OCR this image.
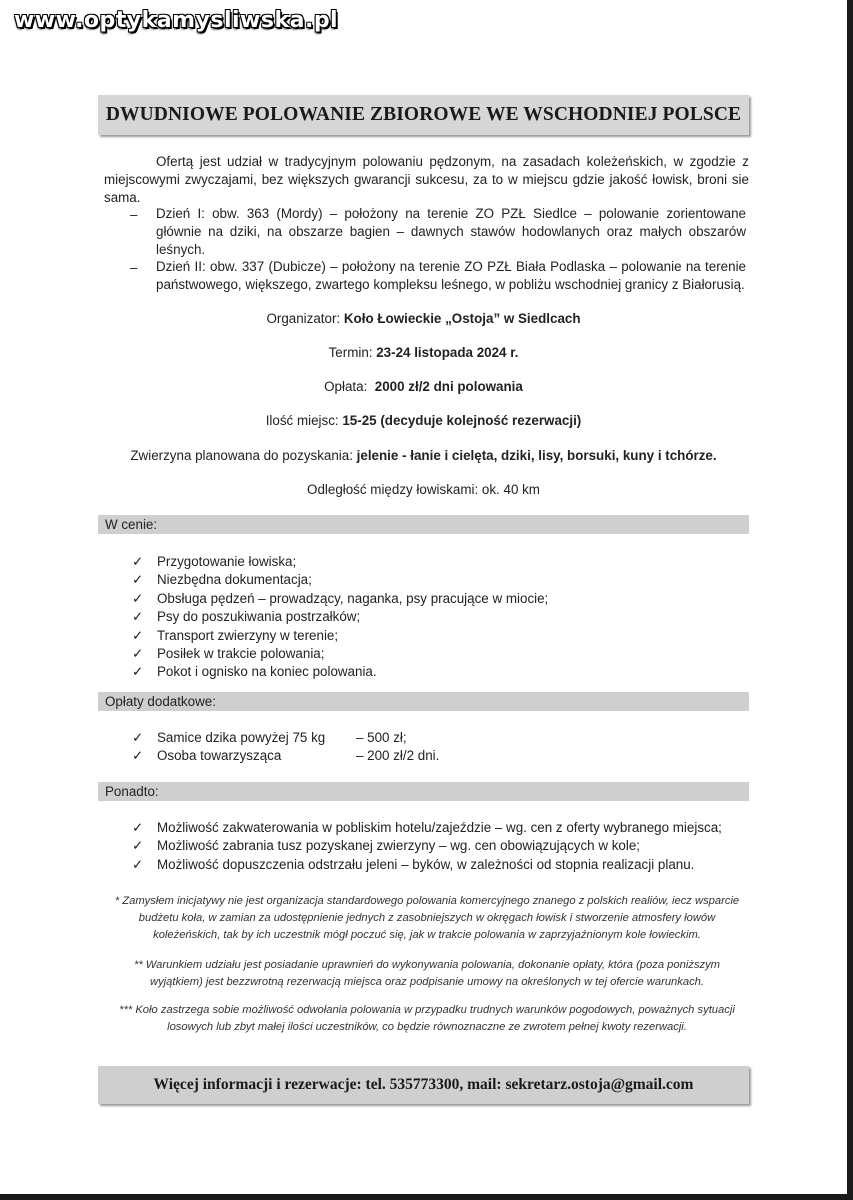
www.optykamysliwska.pl
DWUDNIOWE POLOWANIE ZBIOROWE WE WSCHODNIEJ POLSCE
Ofertą jest udział w tradycyjnym polowaniu pędzonym, na zasadach koleżeńskich, w zgodzie z miejscowymi zwyczajami, bez większych gwarancji sukcesu, za to w miejscu gdzie jakość łowisk, broni sie sama.
– Dzień I: obw. 363 (Mordy) – położony na terenie ZO PZŁ Siedlce – polowanie zorientowane głównie na dziki, na obszarze bagien – dawnych stawów hodowlanych oraz małych obszarów leśnych.
– Dzień II: obw. 337 (Dubicze) – położony na terenie ZO PZŁ Biała Podlaska – polowanie na terenie państwowego, większego, zwartego kompleksu leśnego, w pobliżu wschodniej granicy z Białorusią.
Organizator: Koło Łowieckie „Ostoja” w Siedlcach
Termin: 23-24 listopada 2024 r.
Opłata: 2000 zł/2 dni polowania
Ilość miejsc: 15-25 (decyduje kolejność rezerwacji)
Zwierzyna planowana do pozyskania: jelenie - łanie i cielęta, dziki, lisy, borsuki, kuny i tchórze.
Odległość między łowiskami: ok. 40 km
W cenie:
✓ Przygotowanie łowiska;
✓ Niezbędna dokumentacja;
✓ Obsługa pędzeń – prowadzący, naganka, psy pracujące w miocie;
✓ Psy do poszukiwania postrzałków;
✓ Transport zwierzyny w terenie;
✓ Posiłek w trakcie polowania;
✓ Pokot i ognisko na koniec polowania.
Opłaty dodatkowe:
✓ Samice dzika powyżej 75 kg – 500 zł;
✓ Osoba towarzysząca	– 200 zł/2 dni.
Ponadto:
✓ Możliwość zakwaterowania w pobliskim hotelu/zajeździe – wg. cen z oferty wybranego miejsca;
✓ Możliwość zabrania tusz pozyskanej zwierzyny – wg. cen obowiązujących w kole;
✓ Możliwość dopuszczenia odstrzału jeleni – byków, w zależności od stopnia realizacji planu.
* Zamysłem inicjatywy nie jest organizacja standardowego polowania komercyjnego znanego z polskich realiów, iecz wsparcie budżetu koła, w zamian za udostępnienie jednych z zasobniejszych w okręgach łowisk i stworzenie atmosfery łowów koleżeńskich, tak by ich uczestnik mógł poczuć się, jak w trakcie polowania w zaprzyjaźnionym kole łowieckim.
** Warunkiem udziału jest posiadanie uprawnień do wykonywania polowania, dokonanie opłaty, która (poza poniższym wyjątkiem) jest bezzwrotną rezerwacją miejsca oraz podpisanie umowy na określonych w tej ofercie warunkach.
*** Koło zastrzega sobie możliwość odwołania polowania w przypadku trudnych warunków pogodowych, poważnych sytuacji losowych lub zbyt małej ilości uczestników, co będzie równoznaczne ze zwrotem pełnej kwoty rezerwacji.
Więcej informacji i rezerwacje: tel. 535773300, mail: sekretarz.ostoja@gmail.com
